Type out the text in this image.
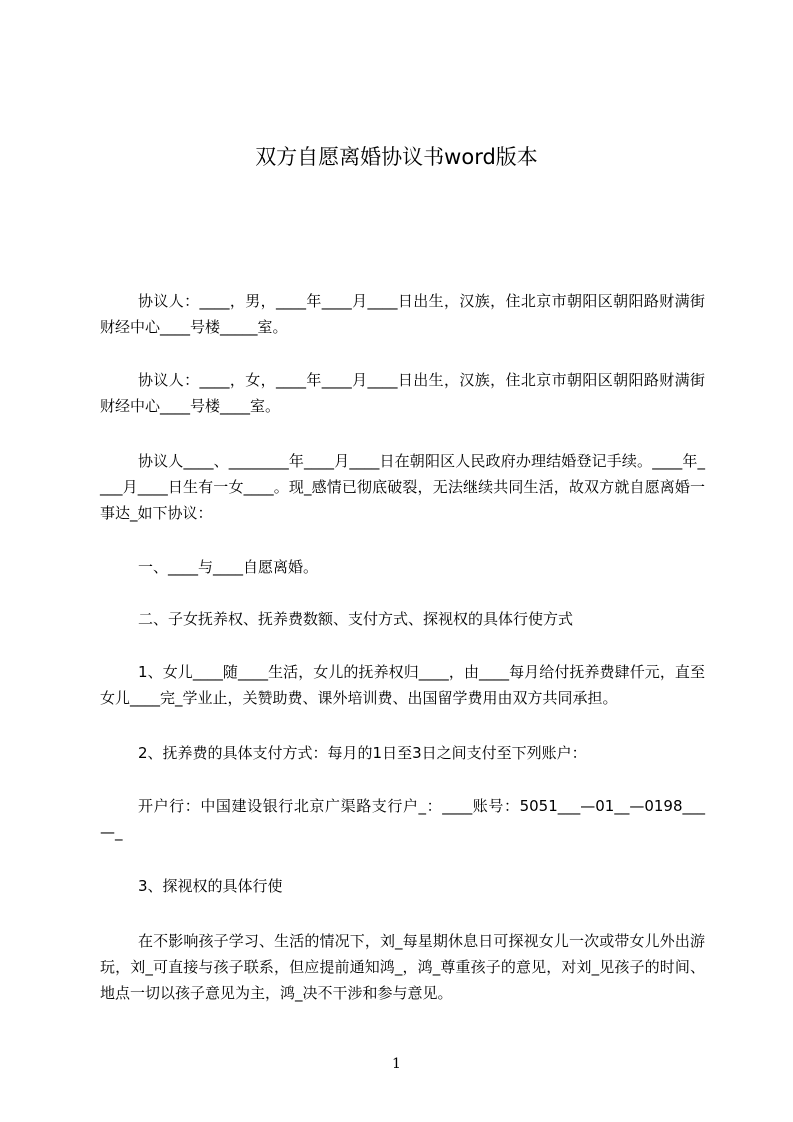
双方自愿离婚协议书word版本

协议人：____，男，____年____月____日出生，汉族，住北京市朝阳区朝阳路财满街财经中心____号楼_____室。

协议人：____，女，____年____月____日出生，汉族，住北京市朝阳区朝阳路财满街财经中心____号楼____室。

协议人____、________年____月____日在朝阳区人民政府办理结婚登记手续。____年____月____日生有一女____。现_感情已彻底破裂，无法继续共同生活，故双方就自愿离婚一事达_如下协议：

一、____与____自愿离婚。

二、子女抚养权、抚养费数额、支付方式、探视权的具体行使方式

1、女儿____随____生活，女儿的抚养权归____，由____每月给付抚养费肆仟元，直至女儿____完_学业止，关赞助费、课外培训费、出国留学费用由双方共同承担。

2、抚养费的具体支付方式：每月的1日至3日之间支付至下列账户：

开户行：中国建设银行北京广渠路支行户_：____账号：5051___—01__—0198___—_

3、探视权的具体行使

在不影响孩子学习、生活的情况下，刘_每星期休息日可探视女儿一次或带女儿外出游玩，刘_可直接与孩子联系，但应提前通知鸿_，鸿_尊重孩子的意见，对刘_见孩子的时间、地点一切以孩子意见为主，鸿_决不干涉和参与意见。

1
